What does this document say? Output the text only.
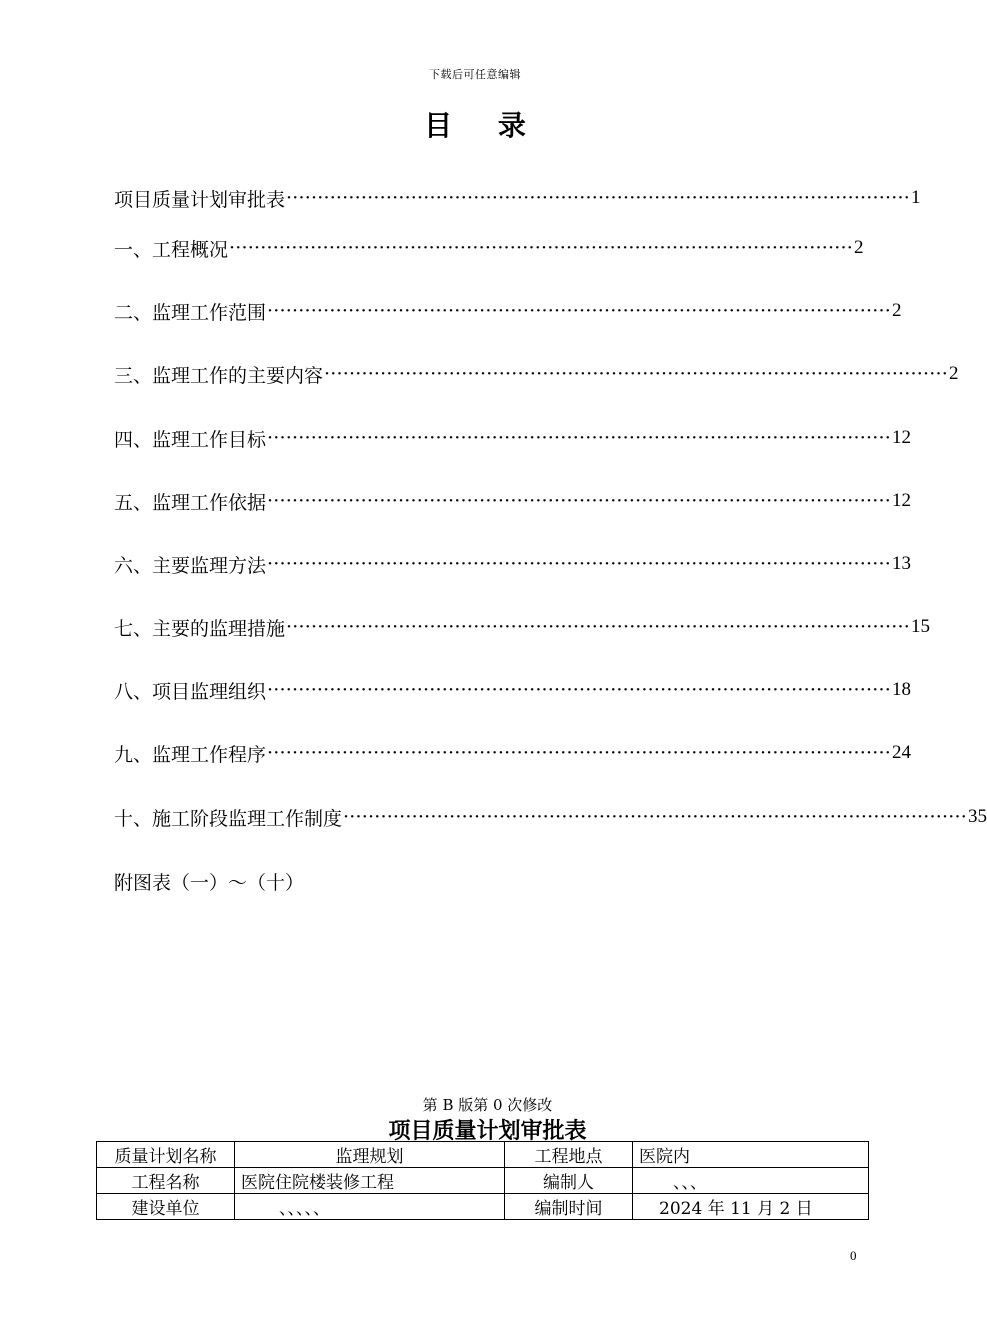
下载后可任意编辑
目 录
项目质量计划审批表 ···································································································· 1
一、工程概况 ···································································································· 2
二、监理工作范围 ···································································································· 2
三、监理工作的主要内容 ···································································································· 2
四、监理工作目标 ···································································································· 12
五、监理工作依据 ···································································································· 12
六、主要监理方法 ···································································································· 13
七、主要的监理措施 ···································································································· 15
八、项目监理组织 ···································································································· 18
九、监理工作程序 ···································································································· 24
十、施工阶段监理工作制度 ···································································································· 35
附图表（一）～（十）
第 B 版第 0 次修改
项目质量计划审批表
质量计划名称	监理规划	工程地点	医院内
工程名称	医院住院楼装修工程	编制人	、、、
建设单位	、、、、、	编制时间	2024 年 11 月 2 日
0
